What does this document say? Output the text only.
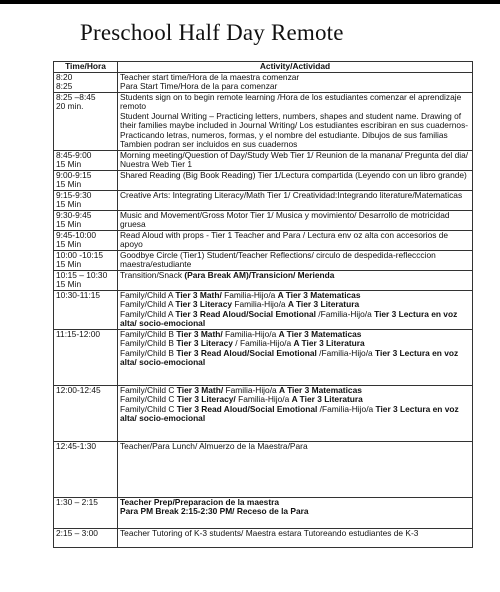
Preschool Half Day Remote
Time/Hora	Activity/Actividad

8:20
8:25	Teacher start time/Hora de la maestra comenzar
Para Start Time/Hora de la para comenzar

8:25 –8:45
20 min.	Students sign on to begin remote learning /Hora de los estudiantes comenzar el aprendizaje remoto
Student Journal Writing – Practicing letters, numbers, shapes and student name. Drawing of their families maybe included in Journal Writing/ Los estudiantes escribiran en sus cuadernos-Practicando letras, numeros, formas, y el nombre del estudiante. Dibujos de sus familias Tambien podran ser incluidos en sus cuadernos

8:45-9:00
15 Min	Morning meeting/Question of Day/Study Web Tier 1/ Reunion de la manana/ Pregunta del dia/ Nuestra Web Tier 1

9:00-9:15
15 Min	Shared Reading (Big Book Reading) Tier 1/Lectura compartida (Leyendo con un libro grande)

9:15-9:30
15 Min	Creative Arts: Integrating Literacy/Math Tier 1/ Creatividad:Integrando literature/Matematicas

9:30-9:45
15 Min	Music and Movement/Gross Motor Tier 1/ Musica y movimiento/ Desarrollo de motricidad gruesa

9:45-10:00
15 Min	Read Aloud with props - Tier 1 Teacher and Para / Lectura env oz alta con accesorios de apoyo

10:00 -10:15
15 Min	Goodbye Circle (Tier1) Student/Teacher Reflections/ circulo de despedida-reflecccion maestra/estudiante

10:15 – 10:30
15 Min	Transition/Snack (Para Break AM)/Transicion/ Merienda

10:30-11:15	Family/Child A Tier 3 Math/ Familia-Hijo/a A Tier 3 Matematicas
Family/Child A Tier 3 Literacy Familia-Hijo/a A Tier 3 Literatura
Family/Child A Tier 3 Read Aloud/Social Emotional /Familia-Hijo/a Tier 3 Lectura en voz alta/ socio-emocional

11:15-12:00	Family/Child B Tier 3 Math/ Familia-Hijo/a A Tier 3 Matematicas
Family/Child B Tier 3 Literacy / Familia-Hijo/a A Tier 3 Literatura
Family/Child B Tier 3 Read Aloud/Social Emotional /Familia-Hijo/a Tier 3 Lectura en voz alta/ socio-emocional

12:00-12:45	Family/Child C Tier 3 Math/ Familia-Hijo/a A Tier 3 Matematicas
Family/Child C Tier 3 Literacy/ Familia-Hijo/a A Tier 3 Literatura
Family/Child C Tier 3 Read Aloud/Social Emotional /Familia-Hijo/a Tier 3 Lectura en voz alta/ socio-emocional

12:45-1:30	Teacher/Para Lunch/ Almuerzo de la Maestra/Para

1:30 – 2:15	Teacher Prep/Preparacion de la maestra
Para PM Break 2:15-2:30 PM/ Receso de la Para

2:15 – 3:00	Teacher Tutoring of K-3 students/ Maestra estara Tutoreando estudiantes de K-3
